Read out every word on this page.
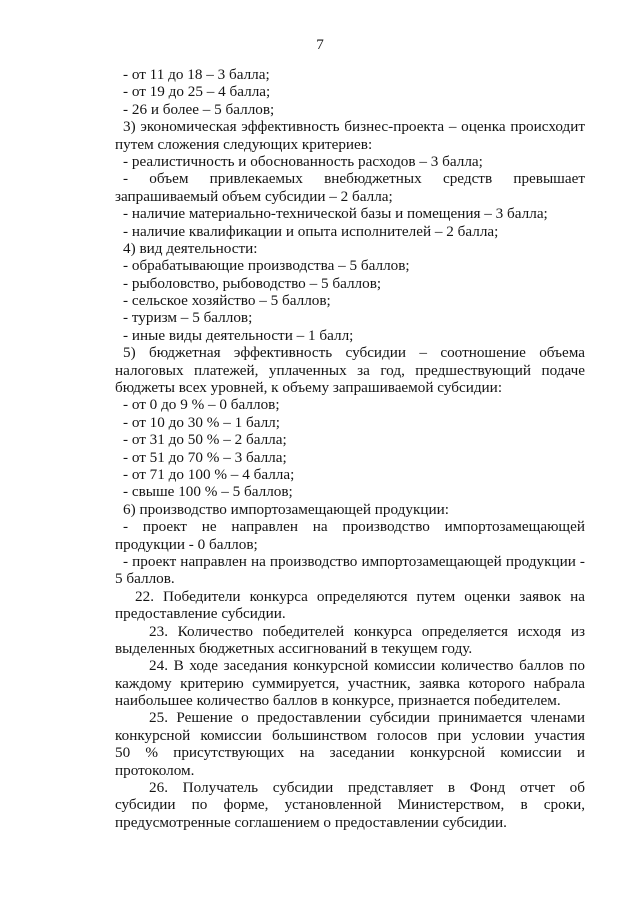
7
- от 11 до 18 – 3 балла;
- от 19 до 25 – 4 балла;
- 26 и более – 5 баллов;
3) экономическая эффективность бизнес-проекта – оценка происходит
путем сложения следующих критериев:
- реалистичность и обоснованность расходов – 3 балла;
- объем привлекаемых внебюджетных средств превышает
запрашиваемый объем субсидии – 2 балла;
- наличие материально-технической базы и помещения – 3 балла;
- наличие квалификации и опыта исполнителей – 2 балла;
4) вид деятельности:
- обрабатывающие производства – 5 баллов;
- рыболовство, рыбоводство – 5 баллов;
- сельское хозяйство – 5 баллов;
- туризм – 5 баллов;
- иные виды деятельности – 1 балл;
5) бюджетная эффективность субсидии – соотношение объема
налоговых платежей, уплаченных за год, предшествующий подаче
бюджеты всех уровней, к объему запрашиваемой субсидии:
- от 0 до 9 % – 0 баллов;
- от 10 до 30 % – 1 балл;
- от 31 до 50 % – 2 балла;
- от 51 до 70 % – 3 балла;
- от 71 до 100 % – 4 балла;
- свыше 100 % – 5 баллов;
6) производство импортозамещающей продукции:
- проект не направлен на производство импортозамещающей
продукции - 0 баллов;
- проект направлен на производство импортозамещающей продукции -
5 баллов.
22. Победители конкурса определяются путем оценки заявок на
предоставление субсидии.
23. Количество победителей конкурса определяется исходя из
выделенных бюджетных ассигнований в текущем году.
24. В ходе заседания конкурсной комиссии количество баллов по
каждому критерию суммируется, участник, заявка которого набрала
наибольшее количество баллов в конкурсе, признается победителем.
25. Решение о предоставлении субсидии принимается членами
конкурсной комиссии большинством голосов при условии участия
50 % присутствующих на заседании конкурсной комиссии и
протоколом.
26. Получатель субсидии представляет в Фонд отчет об
субсидии по форме, установленной Министерством, в сроки,
предусмотренные соглашением о предоставлении субсидии.
